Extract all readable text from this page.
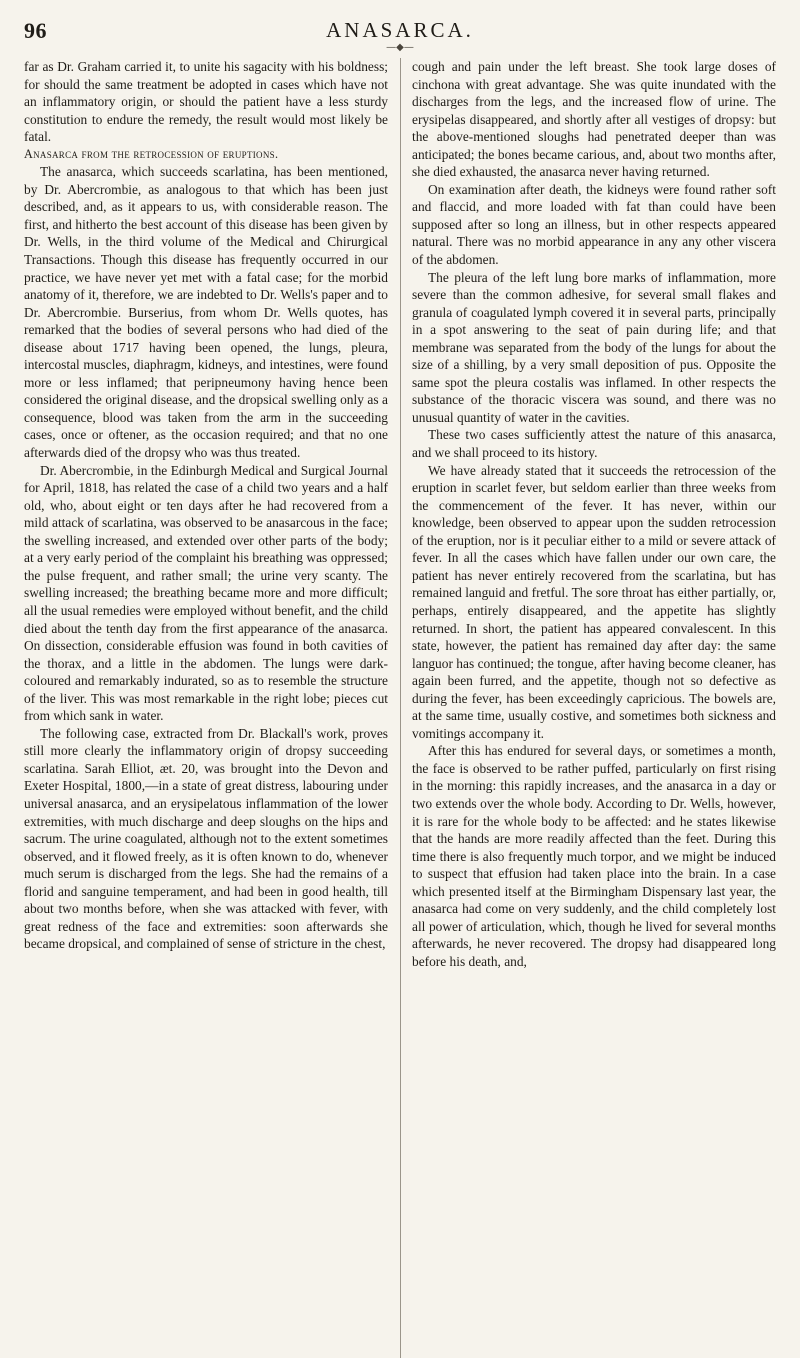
96	ANASARCA.
—◆—

far as Dr. Graham carried it, to unite his sagacity with his boldness; for should the same treatment be adopted in cases which have not an inflammatory origin, or should the patient have a less sturdy constitution to endure the remedy, the result would most likely be fatal.

Anasarca from the retrocession of eruptions.

The anasarca, which succeeds scarlatina, has been mentioned, by Dr. Abercrombie, as analogous to that which has been just described, and, as it appears to us, with considerable reason. The first, and hitherto the best account of this disease has been given by Dr. Wells, in the third volume of the Medical and Chirurgical Transactions. Though this disease has frequently occurred in our practice, we have never yet met with a fatal case; for the morbid anatomy of it, therefore, we are indebted to Dr. Wells's paper and to Dr. Abercrombie. Burserius, from whom Dr. Wells quotes, has remarked that the bodies of several persons who had died of the disease about 1717 having been opened, the lungs, pleura, intercostal muscles, diaphragm, kidneys, and intestines, were found more or less inflamed; that peripneumony having hence been considered the original disease, and the dropsical swelling only as a consequence, blood was taken from the arm in the succeeding cases, once or oftener, as the occasion required; and that no one afterwards died of the dropsy who was thus treated.

Dr. Abercrombie, in the Edinburgh Medical and Surgical Journal for April, 1818, has related the case of a child two years and a half old, who, about eight or ten days after he had recovered from a mild attack of scarlatina, was observed to be anasarcous in the face; the swelling increased, and extended over other parts of the body; at a very early period of the complaint his breathing was oppressed; the pulse frequent, and rather small; the urine very scanty. The swelling increased; the breathing became more and more difficult; all the usual remedies were employed without benefit, and the child died about the tenth day from the first appearance of the anasarca. On dissection, considerable effusion was found in both cavities of the thorax, and a little in the abdomen. The lungs were dark-coloured and remarkably indurated, so as to resemble the structure of the liver. This was most remarkable in the right lobe; pieces cut from which sank in water.

The following case, extracted from Dr. Blackall's work, proves still more clearly the inflammatory origin of dropsy succeeding scarlatina. Sarah Elliot, æt. 20, was brought into the Devon and Exeter Hospital, 1800,—in a state of great distress, labouring under universal anasarca, and an erysipelatous inflammation of the lower extremities, with much discharge and deep sloughs on the hips and sacrum. The urine coagulated, although not to the extent sometimes observed, and it flowed freely, as it is often known to do, whenever much serum is discharged from the legs. She had the remains of a florid and sanguine temperament, and had been in good health, till about two months before, when she was attacked with fever, with great redness of the face and extremities: soon afterwards she became dropsical, and complained of sense of stricture in the chest,

cough and pain under the left breast. She took large doses of cinchona with great advantage. She was quite inundated with the discharges from the legs, and the increased flow of urine. The erysipelas disappeared, and shortly after all vestiges of dropsy: but the above-mentioned sloughs had penetrated deeper than was anticipated; the bones became carious, and, about two months after, she died exhausted, the anasarca never having returned.

On examination after death, the kidneys were found rather soft and flaccid, and more loaded with fat than could have been supposed after so long an illness, but in other respects appeared natural. There was no morbid appearance in any any other viscera of the abdomen.

The pleura of the left lung bore marks of inflammation, more severe than the common adhesive, for several small flakes and granula of coagulated lymph covered it in several parts, principally in a spot answering to the seat of pain during life; and that membrane was separated from the body of the lungs for about the size of a shilling, by a very small deposition of pus. Opposite the same spot the pleura costalis was inflamed. In other respects the substance of the thoracic viscera was sound, and there was no unusual quantity of water in the cavities.

These two cases sufficiently attest the nature of this anasarca, and we shall proceed to its history.

We have already stated that it succeeds the retrocession of the eruption in scarlet fever, but seldom earlier than three weeks from the commencement of the fever. It has never, within our knowledge, been observed to appear upon the sudden retrocession of the eruption, nor is it peculiar either to a mild or severe attack of fever. In all the cases which have fallen under our own care, the patient has never entirely recovered from the scarlatina, but has remained languid and fretful. The sore throat has either partially, or, perhaps, entirely disappeared, and the appetite has slightly returned. In short, the patient has appeared convalescent. In this state, however, the patient has remained day after day: the same languor has continued; the tongue, after having become cleaner, has again been furred, and the appetite, though not so defective as during the fever, has been exceedingly capricious. The bowels are, at the same time, usually costive, and sometimes both sickness and vomitings accompany it.

After this has endured for several days, or sometimes a month, the face is observed to be rather puffed, particularly on first rising in the morning: this rapidly increases, and the anasarca in a day or two extends over the whole body. According to Dr. Wells, however, it is rare for the whole body to be affected: and he states likewise that the hands are more readily affected than the feet. During this time there is also frequently much torpor, and we might be induced to suspect that effusion had taken place into the brain. In a case which presented itself at the Birmingham Dispensary last year, the anasarca had come on very suddenly, and the child completely lost all power of articulation, which, though he lived for several months afterwards, he never recovered. The dropsy had disappeared long before his death, and,
